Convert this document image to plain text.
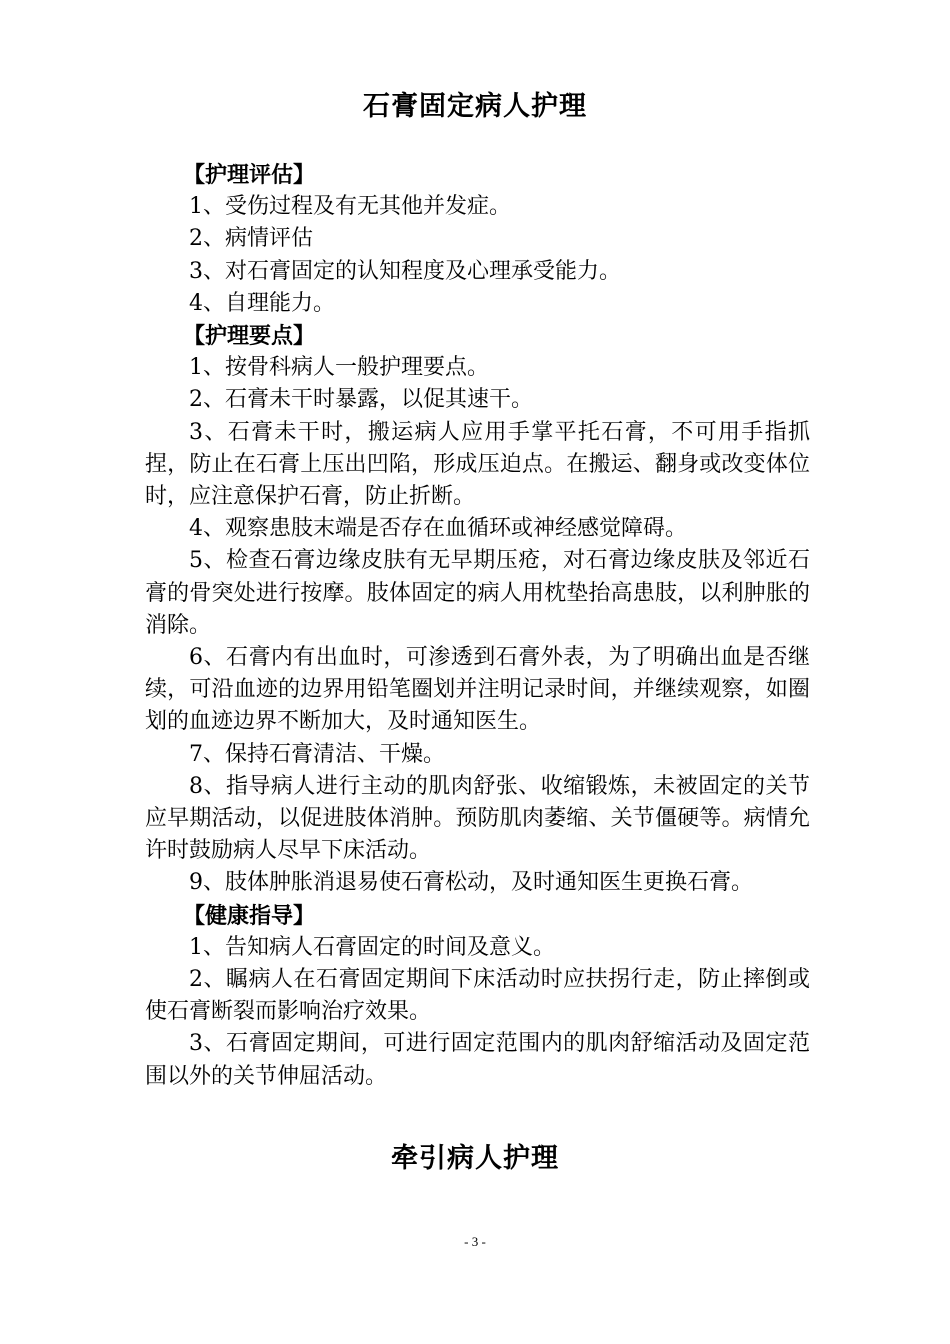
石膏固定病人护理
【护理评估】
1、受伤过程及有无其他并发症。
2、病情评估
3、对石膏固定的认知程度及心理承受能力。
4、自理能力。
【护理要点】
1、按骨科病人一般护理要点。
2、石膏未干时暴露，以促其速干。
3、石膏未干时，搬运病人应用手掌平托石膏，不可用手指抓捏，防止在石膏上压出凹陷，形成压迫点。在搬运、翻身或改变体位时，应注意保护石膏，防止折断。
4、观察患肢末端是否存在血循环或神经感觉障碍。
5、检查石膏边缘皮肤有无早期压疮，对石膏边缘皮肤及邻近石膏的骨突处进行按摩。肢体固定的病人用枕垫抬高患肢，以利肿胀的消除。
6、石膏内有出血时，可渗透到石膏外表，为了明确出血是否继续，可沿血迹的边界用铅笔圈划并注明记录时间，并继续观察，如圈划的血迹边界不断加大，及时通知医生。
7、保持石膏清洁、干燥。
8、指导病人进行主动的肌肉舒张、收缩锻炼，未被固定的关节应早期活动，以促进肢体消肿。预防肌肉萎缩、关节僵硬等。病情允许时鼓励病人尽早下床活动。
9、肢体肿胀消退易使石膏松动，及时通知医生更换石膏。
【健康指导】
1、告知病人石膏固定的时间及意义。
2、瞩病人在石膏固定期间下床活动时应扶拐行走，防止摔倒或使石膏断裂而影响治疗效果。
3、石膏固定期间，可进行固定范围内的肌肉舒缩活动及固定范围以外的关节伸屈活动。
牵引病人护理
- 3 -
